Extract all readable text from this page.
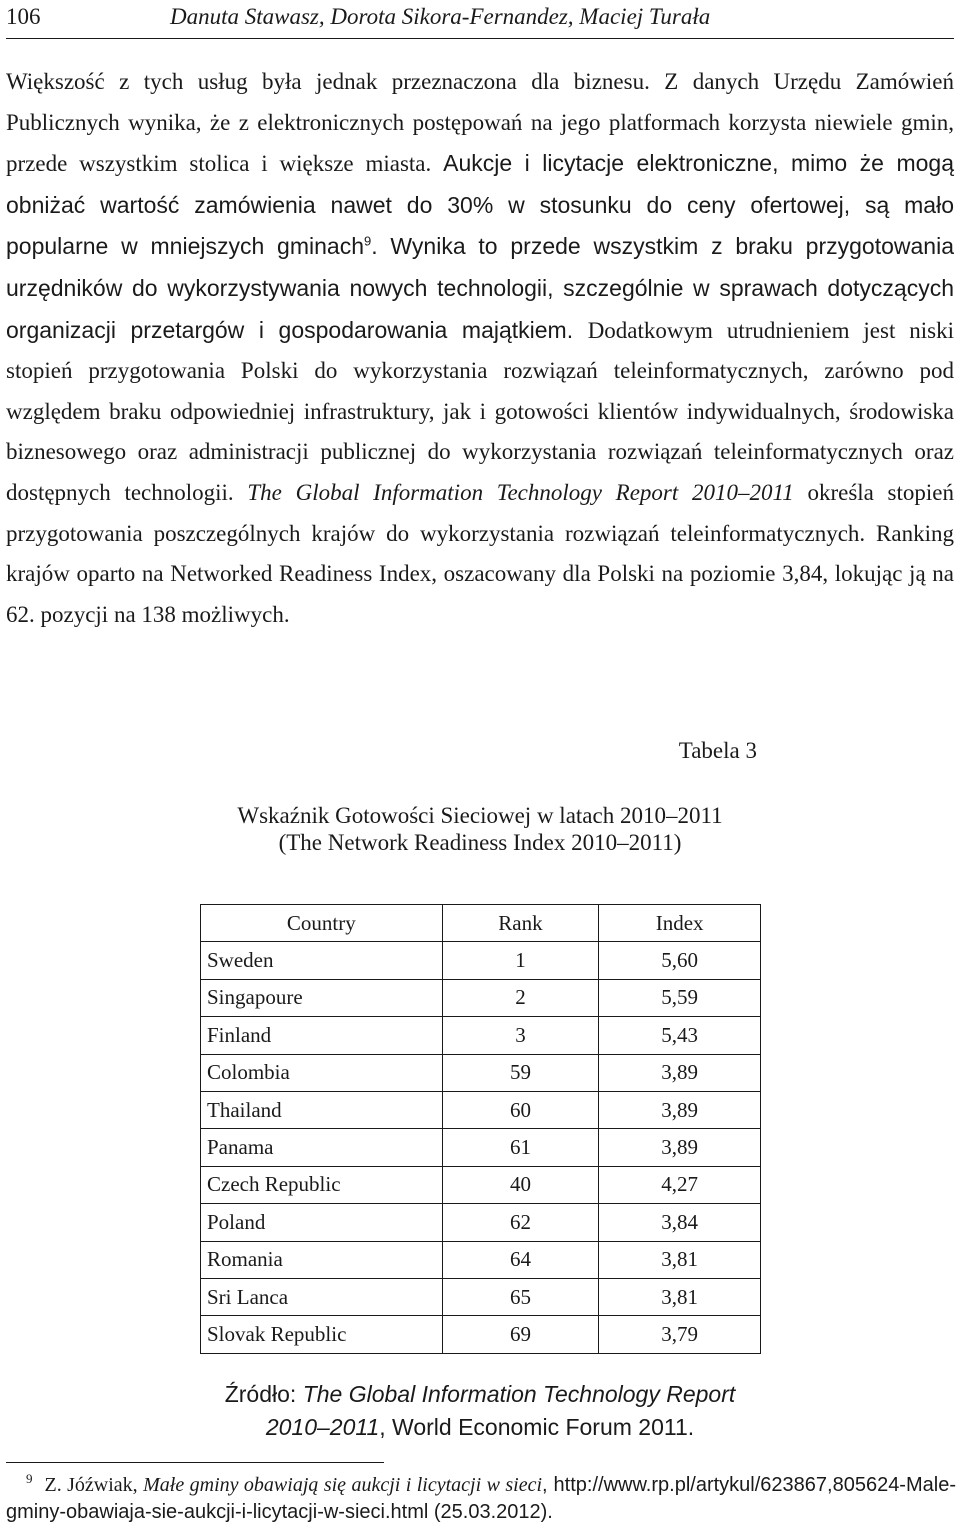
106	Danuta Stawasz, Dorota Sikora-Fernandez, Maciej Turała

Większość z tych usług była jednak przeznaczona dla biznesu. Z danych Urzędu Zamówień Publicznych wynika, że z elektronicznych postępowań na jego platformach korzysta niewiele gmin, przede wszystkim stolica i większe miasta. Aukcje i licytacje elektroniczne, mimo że mogą obniżać wartość zamówienia nawet do 30% w stosunku do ceny ofertowej, są mało popularne w mniejszych gminach$^9$. Wynika to przede wszystkim z braku przygotowania urzędników do wykorzystywania nowych technologii, szczególnie w sprawach dotyczących organizacji przetargów i gospodarowania majątkiem. Dodatkowym utrudnieniem jest niski stopień przygotowania Polski do wykorzystania rozwiązań teleinformatycznych, zarówno pod względem braku odpowiedniej infrastruktury, jak i gotowości klientów indywidualnych, środowiska biznesowego oraz administracji publicznej do wykorzystania rozwiązań teleinformatycznych oraz dostępnych technologii. The Global Information Technology Report 2010–2011 określa stopień przygotowania poszczególnych krajów do wykorzystania rozwiązań teleinformatycznych. Ranking krajów oparto na Networked Readiness Index, oszacowany dla Polski na poziomie 3,84, lokując ją na 62. pozycji na 138 możliwych.

Tabela 3
Wskaźnik Gotowości Sieciowej w latach 2010–2011
(The Network Readiness Index 2010–2011)
Country	Rank	Index
Sweden	1	5,60
Singapoure	2	5,59
Finland	3	5,43
Colombia	59	3,89
Thailand	60	3,89
Panama	61	3,89
Czech Republic	40	4,27
Poland	62	3,84
Romania	64	3,81
Sri Lanca	65	3,81
Slovak Republic	69	3,79
Źródło: The Global Information Technology Report
2010–2011, World Economic Forum 2011.
$^9$ Z. Jóźwiak, Małe gminy obawiają się aukcji i licytacji w sieci, http://www.rp.pl/artykul/623867,805624-Male-gminy-obawiaja-sie-aukcji-i-licytacji-w-sieci.html (25.03.2012).
